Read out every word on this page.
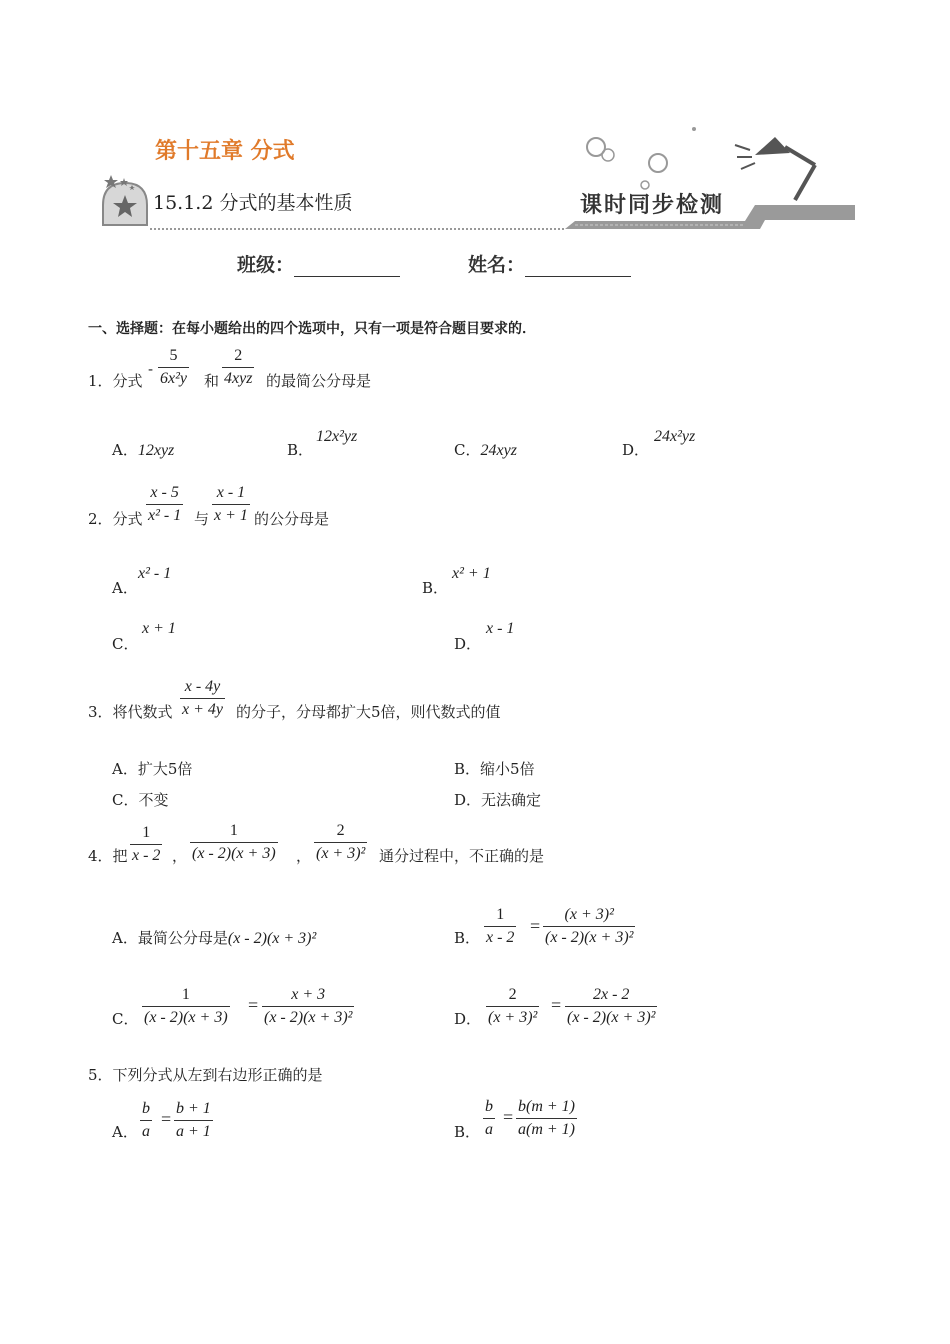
第十五章 分式
15.1.2 分式的基本性质	课时同步检测
班级：	姓名：
一、选择题：在每小题给出的四个选项中，只有一项是符合题目要求的．
1．分式
- $\frac{5}{\text{6x²y}}$ 和
2
4xyz 的最简公分母是
A．12xyz	B．
12x²yz
C．24xyz	D．
24x²yz
2．分式 $\frac{x - 5}{\text{x² - 1}}$ 与 $\frac{x - 1}{x + 1}$ 的公分母是
A．
x² - 1
B．
x² + 1
C．
x + 1
D．
x - 1
3．将代数式 $\frac{x - 4y}{x + 4y}$ 的分子，分母都扩大5倍，则代数式的值
A．扩大5倍	B．缩小5倍
C．不变	D．无法确定
4．把 $\frac{1}{x - 2}$ ， $\frac{1}{(x - 2)(x + 3)}$ ， $\frac{2}{\text{(x + 3)²}}$ 通分过程中，不正确的是
A．最简公分母是(x - 2)(x + 3)²	B． $\frac{1}{x - 2} = \frac{\text{(x + 3)²}}{\text{(x - 2)(x + 3)²}}$
C． $\frac{1}{(x - 2)(x + 3)} = \frac{x + 3}{\text{(x - 2)(x + 3)²}}$	D． $\frac{2}{\text{(x + 3)²}} = \frac{2x - 2}{\text{(x - 2)(x + 3)²}}$
5．下列分式从左到右边形正确的是
A． $\frac{b}{a} = \frac{b + 1}{a + 1}$	B． $\frac{b}{a} = \frac{b(m + 1)}{a(m + 1)}$
